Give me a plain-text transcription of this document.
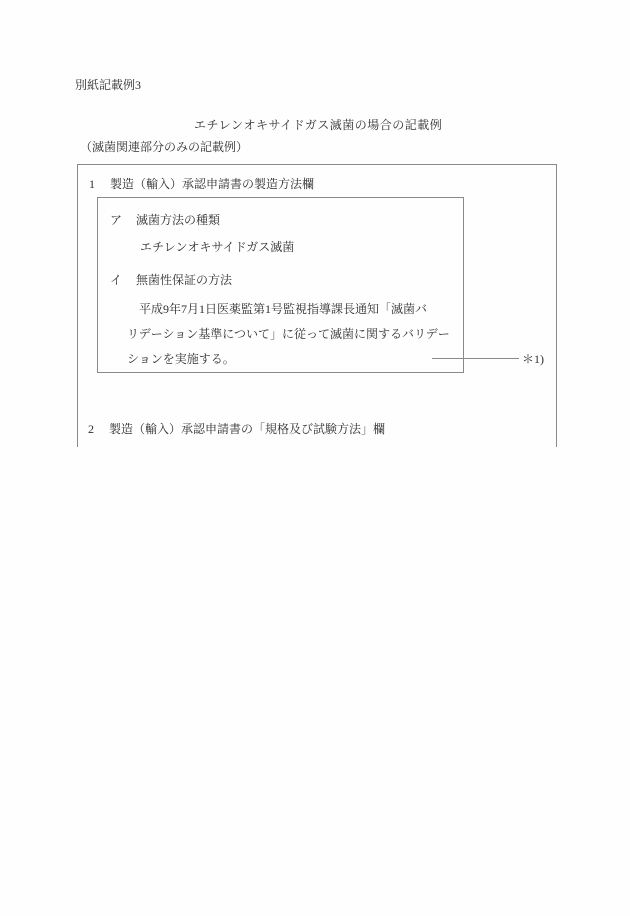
別紙記載例3
エチレンオキサイドガス滅菌の場合の記載例
（滅菌関連部分のみの記載例）
1 製造（輸入）承認申請書の製造方法欄
ア 滅菌方法の種類
エチレンオキサイドガス滅菌
イ 無菌性保証の方法
平成9年7月1日医薬監第1号監視指導課長通知「滅菌バ
リデーション基準について」に従って滅菌に関するバリデー
ションを実施する。	＊1)
2 製造（輸入）承認申請書の「規格及び試験方法」欄
